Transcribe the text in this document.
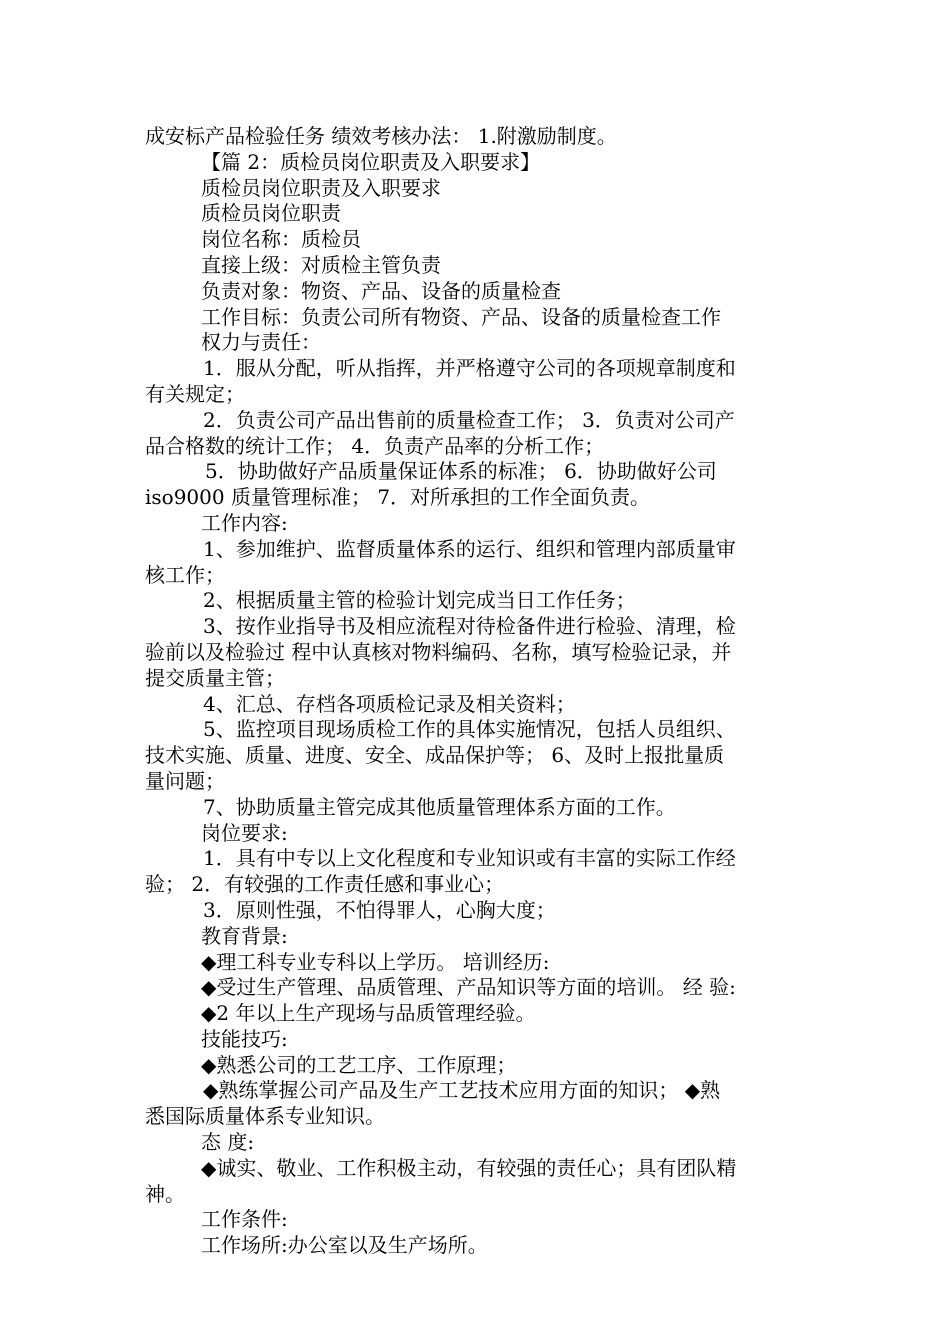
成安标产品检验任务 绩效考核办法： 1.附激励制度。
【篇 2：质检员岗位职责及入职要求】
质检员岗位职责及入职要求
质检员岗位职责
岗位名称：质检员
直接上级：对质检主管负责
负责对象：物资、产品、设备的质量检查
工作目标：负责公司所有物资、产品、设备的质量检查工作
权力与责任：
1．服从分配，听从指挥，并严格遵守公司的各项规章制度和
有关规定；
2．负责公司产品出售前的质量检查工作； 3．负责对公司产
品合格数的统计工作； 4．负责产品率的分析工作；
5．协助做好产品质量保证体系的标准； 6．协助做好公司
iso9000 质量管理标准； 7．对所承担的工作全面负责。
工作内容:
1、参加维护、监督质量体系的运行、组织和管理内部质量审
核工作；
2、根据质量主管的检验计划完成当日工作任务；
3、按作业指导书及相应流程对待检备件进行检验、清理，检
验前以及检验过 程中认真核对物料编码、名称，填写检验记录，并
提交质量主管；
4、汇总、存档各项质检记录及相关资料；
5、监控项目现场质检工作的具体实施情况，包括人员组织、
技术实施、质量、进度、安全、成品保护等； 6、及时上报批量质
量问题；
7、协助质量主管完成其他质量管理体系方面的工作。
岗位要求:
1．具有中专以上文化程度和专业知识或有丰富的实际工作经
验； 2．有较强的工作责任感和事业心；
3．原则性强，不怕得罪人，心胸大度；
教育背景:
◆理工科专业专科以上学历。 培训经历:
◆受过生产管理、品质管理、产品知识等方面的培训。 经 验:
◆2 年以上生产现场与品质管理经验。
技能技巧:
◆熟悉公司的工艺工序、工作原理；
◆熟练掌握公司产品及生产工艺技术应用方面的知识； ◆熟
悉国际质量体系专业知识。
态 度:
◆诚实、敬业、工作积极主动，有较强的责任心；具有团队精
神。
工作条件:
工作场所:办公室以及生产场所。
